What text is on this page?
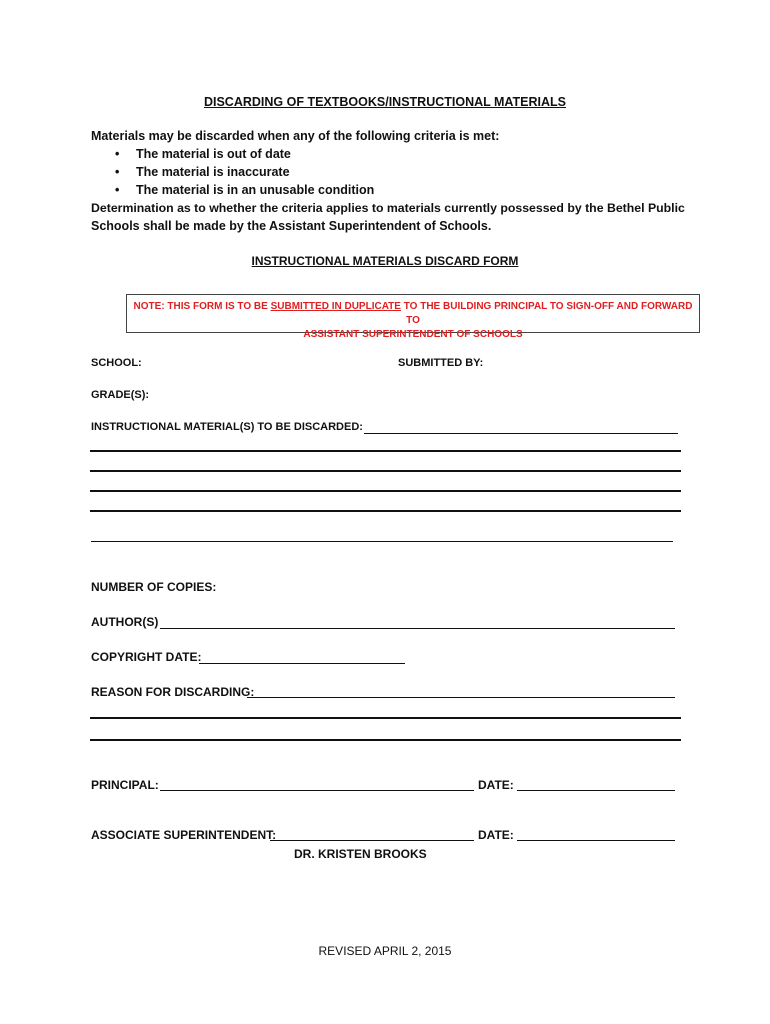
DISCARDING OF TEXTBOOKS/INSTRUCTIONAL MATERIALS
Materials may be discarded when any of the following criteria is met:
• The material is out of date
• The material is inaccurate
• The material is in an unusable condition
Determination as to whether the criteria applies to materials currently possessed by the Bethel Public
Schools shall be made by the Assistant Superintendent of Schools.
INSTRUCTIONAL MATERIALS DISCARD FORM
NOTE: THIS FORM IS TO BE SUBMITTED IN DUPLICATE TO THE BUILDING PRINCIPAL TO SIGN-OFF AND FORWARD TO
ASSISTANT SUPERINTENDENT OF SCHOOLS
SCHOOL:	SUBMITTED BY:
GRADE(S):
INSTRUCTIONAL MATERIAL(S) TO BE DISCARDED:
NUMBER OF COPIES:
AUTHOR(S)
COPYRIGHT DATE:
REASON FOR DISCARDING:
PRINCIPAL:	DATE:
ASSOCIATE SUPERINTENDENT:	DATE:
DR. KRISTEN BROOKS
REVISED APRIL 2, 2015
